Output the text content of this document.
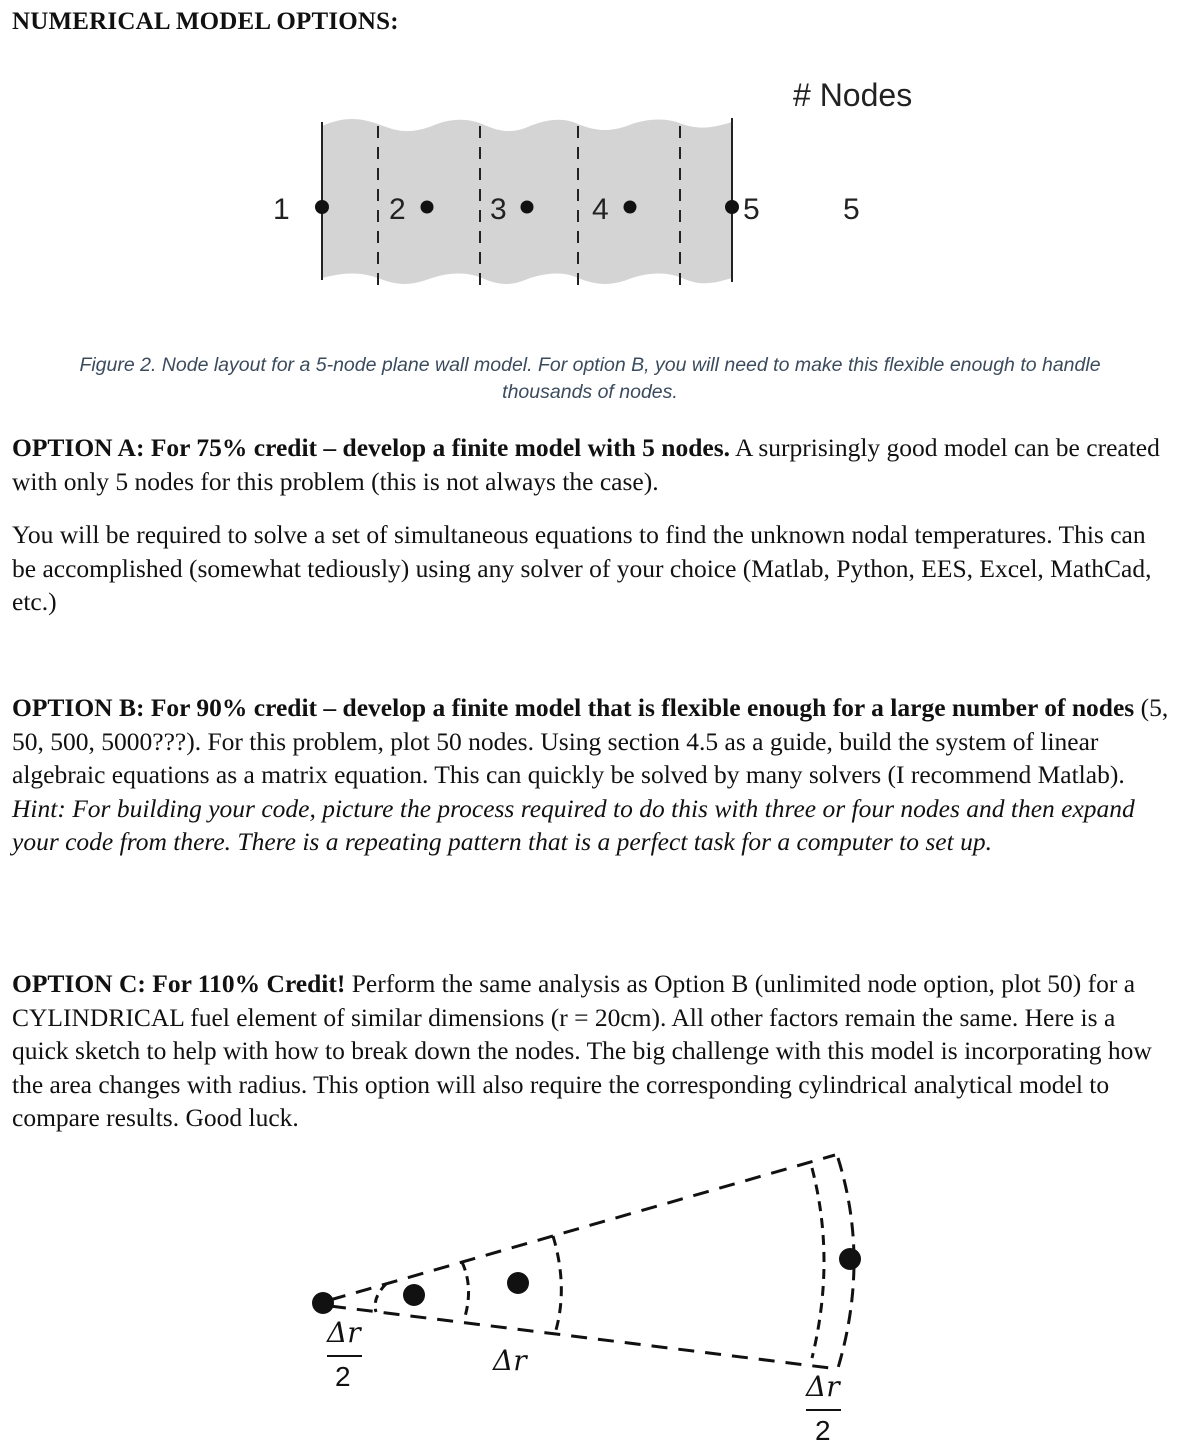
NUMERICAL MODEL OPTIONS:
1	2	3	4	5
# Nodes
5
Figure 2. Node layout for a 5-node plane wall model. For option B, you will need to make this flexible enough to handle
thousands of nodes.
OPTION A: For 75% credit – develop a finite model with 5 nodes. A surprisingly good model can be created with only 5 nodes for this problem (this is not always the case).
You will be required to solve a set of simultaneous equations to find the unknown nodal temperatures. This can be accomplished (somewhat tediously) using any solver of your choice (Matlab, Python, EES, Excel, MathCad, etc.)
OPTION B: For 90% credit – develop a finite model that is flexible enough for a large number of nodes (5, 50, 500, 5000???). For this problem, plot 50 nodes. Using section 4.5 as a guide, build the system of linear algebraic equations as a matrix equation. This can quickly be solved by many solvers (I recommend Matlab). Hint: For building your code, picture the process required to do this with three or four nodes and then expand your code from there. There is a repeating pattern that is a perfect task for a computer to set up.
OPTION C: For 110% Credit! Perform the same analysis as Option B (unlimited node option, plot 50) for a CYLINDRICAL fuel element of similar dimensions (r = 20cm). All other factors remain the same. Here is a quick sketch to help with how to break down the nodes. The big challenge with this model is incorporating how the area changes with radius. This option will also require the corresponding cylindrical analytical model to compare results. Good luck.
Δr
2	Δr
Δr
2
